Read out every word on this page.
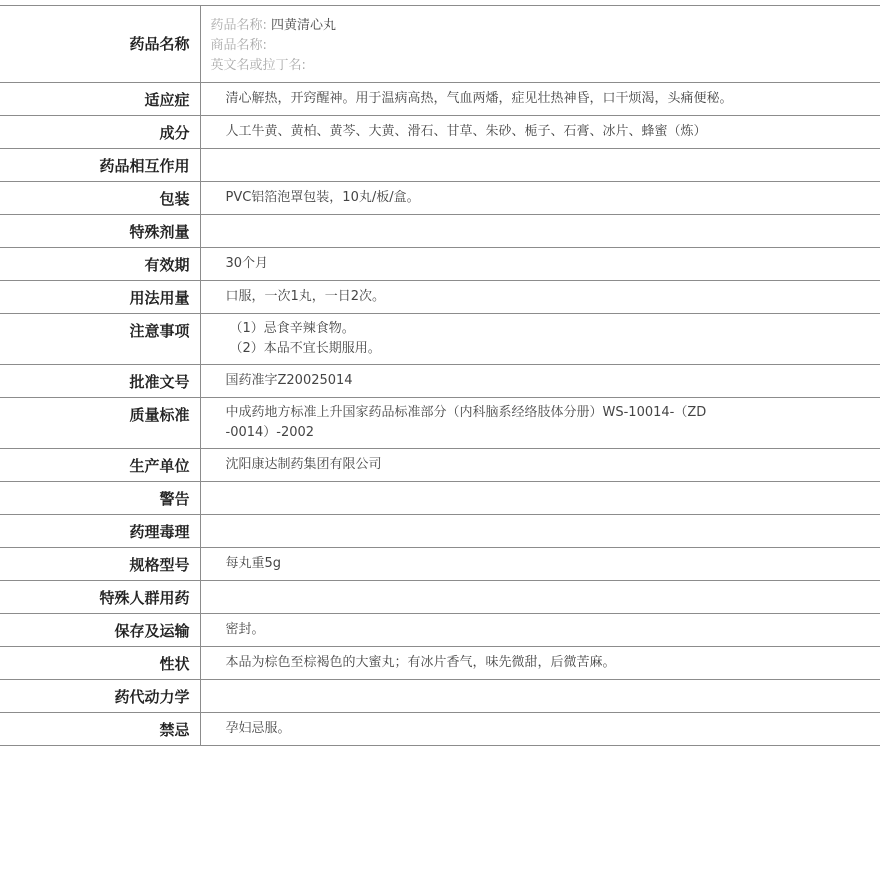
药品名称	药品名称: 四黄清心丸
商品名称:
英文名或拉丁名:

适应症	清心解热，开窍醒神。用于温病高热，气血两燔，症见壮热神昏，口干烦渴，头痛便秘。

成分	人工牛黄、黄柏、黄芩、大黄、滑石、甘草、朱砂、栀子、石膏、冰片、蜂蜜（炼）

药品相互作用	

包装	PVC铝箔泡罩包装，10丸/板/盒。

特殊剂量	

有效期	30个月

用法用量	口服，一次1丸，一日2次。

注意事项	（1）忌食辛辣食物。
（2）本品不宜长期服用。

批准文号	国药准字Z20025014

质量标准	中成药地方标准上升国家药品标准部分（内科脑系经络肢体分册）WS-10014-（ZD
-0014）-2002

生产单位	沈阳康达制药集团有限公司

警告	

药理毒理	

规格型号	每丸重5g

特殊人群用药	

保存及运输	密封。

性状	本品为棕色至棕褐色的大蜜丸；有冰片香气，味先微甜，后微苦麻。

药代动力学	

禁忌	孕妇忌服。
